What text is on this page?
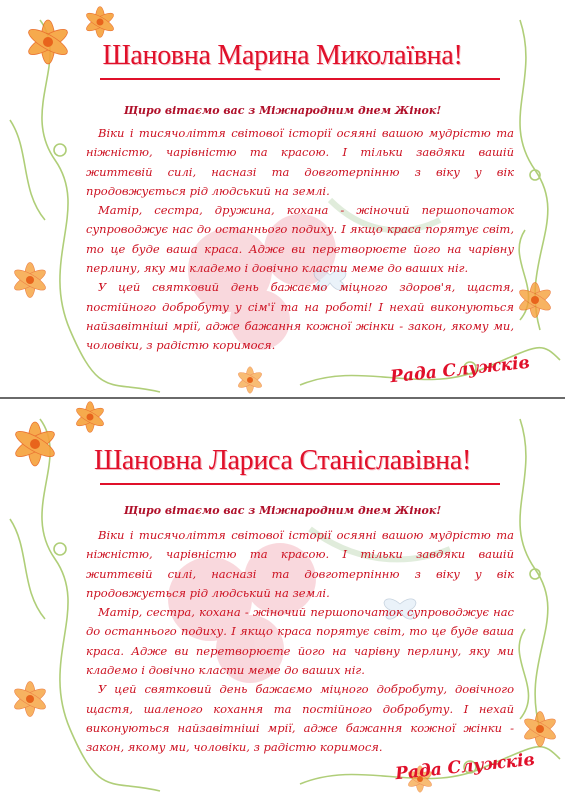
Шановна Марина Миколаївна!
Щиро вітаємо вас з Міжнародним днем Жінок!

Віки і тисячоліття світової історії осяяні вашою мудрістю та ніжністю, чарівністю та красою. І тільки завдяки вашій життєвій силі, насназі та довготерпінню з віку у вік продовжується рід людський на землі.

Матір, сестра, дружина, кохана - жіночий першопочаток супроводжує нас до останнього подиху. І якщо краса порятує світ, то це буде ваша краса. Адже ви перетворюєте його на чарівну перлину, яку ми кладемо і довічно класти меме до ваших ніг.

У цей святковий день бажаємо міцного здоров'я, щастя, постійного добробуту у сім'ї та на роботі! І нехай виконуються найзавітніші мрії, адже бажання кожної жінки - закон, якому ми, чоловіки, з радістю коримося.

Рада Служків
Шановна Лариса Станіславівна!
Щиро вітаємо вас з Міжнародним днем Жінок!

Віки і тисячоліття світової історії осяяні вашою мудрістю та ніжністю, чарівністю та красою. І тільки завдяки вашій життєвій силі, насназі та довготерпінню з віку у вік продовжується рід людський на землі.

Матір, сестра, кохана - жіночий першопочаток супроводжує нас до останнього подиху. І якщо краса порятує світ, то це буде ваша краса. Адже ви перетворюєте його на чарівну перлину, яку ми кладемо і довічно класти меме до ваших ніг.

У цей святковий день бажаємо міцного добробуту, довічного щастя, шаленого кохання та постійного добробуту. І нехай виконуються найзавітніші мрії, адже бажання кожної жінки - закон, якому ми, чоловіки, з радістю коримося.

Рада Служків
